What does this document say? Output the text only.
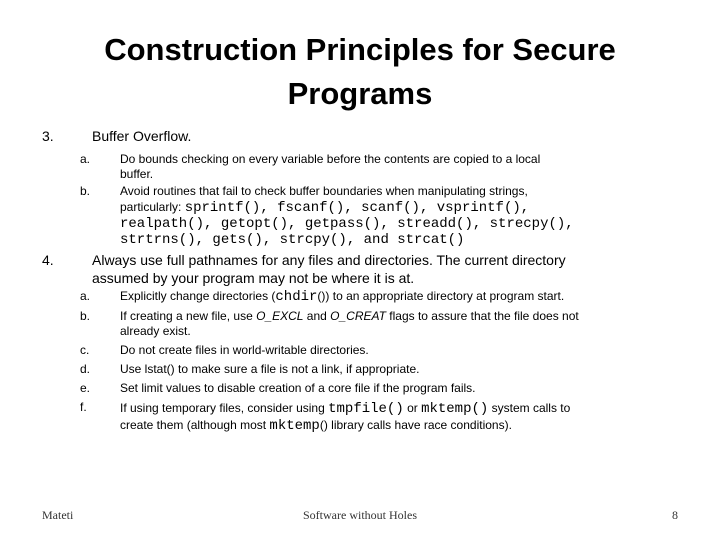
Construction Principles for Secure
Programs
3.	Buffer Overflow.
a.	Do bounds checking on every variable before the contents are copied to a local
buffer.
b.	Avoid routines that fail to check buffer boundaries when manipulating strings,
particularly: sprintf(), fscanf(), scanf(), vsprintf(),
realpath(), getopt(), getpass(), streadd(), strecpy(),
strtrns(), gets(), strcpy(), and strcat()
4.	Always use full pathnames for any files and directories. The current directory
assumed by your program may not be where it is at.
a.	Explicitly change directories (chdir()) to an appropriate directory at program start.
b.	If creating a new file, use O_EXCL and O_CREAT flags to assure that the file does not
already exist.
c.	Do not create files in world-writable directories.
d.	Use lstat() to make sure a file is not a link, if appropriate.
e.	Set limit values to disable creation of a core file if the program fails.
f.	If using temporary files, consider using tmpfile() or mktemp() system calls to
create them (although most mktemp() library calls have race conditions).
Mateti	Software without Holes	8
